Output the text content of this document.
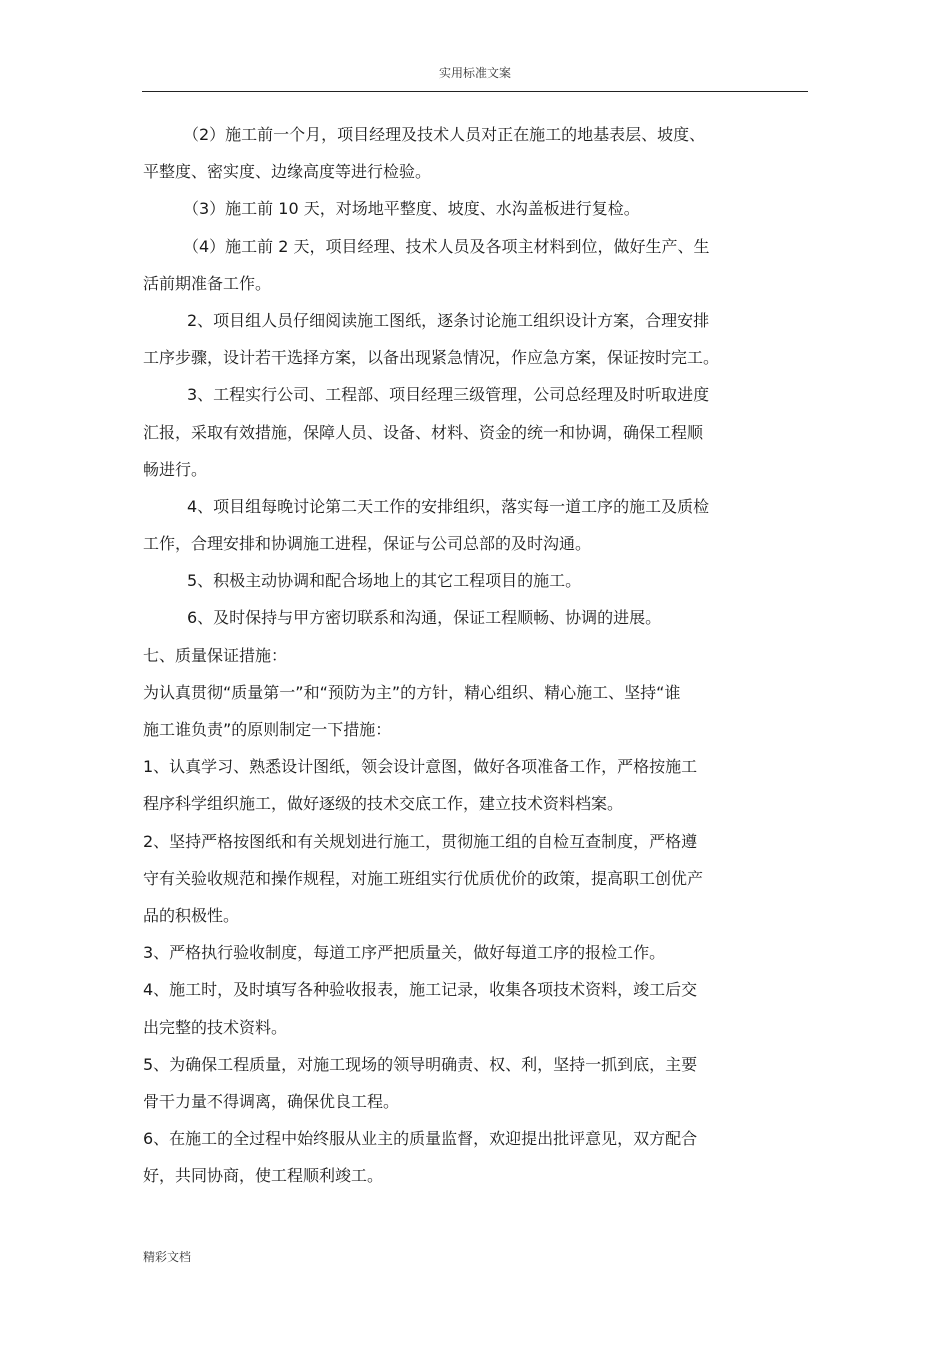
实用标准文案
（2）施工前一个月，项目经理及技术人员对正在施工的地基表层、坡度、
平整度、密实度、边缘高度等进行检验。
（3）施工前 10 天，对场地平整度、坡度、水沟盖板进行复检。
（4）施工前 2 天，项目经理、技术人员及各项主材料到位，做好生产、生
活前期准备工作。
2、项目组人员仔细阅读施工图纸，逐条讨论施工组织设计方案，合理安排
工序步骤，设计若干选择方案，以备出现紧急情况，作应急方案，保证按时完工。
3、工程实行公司、工程部、项目经理三级管理，公司总经理及时听取进度
汇报，采取有效措施，保障人员、设备、材料、资金的统一和协调，确保工程顺
畅进行。
4、项目组每晚讨论第二天工作的安排组织，落实每一道工序的施工及质检
工作，合理安排和协调施工进程，保证与公司总部的及时沟通。
5、积极主动协调和配合场地上的其它工程项目的施工。
6、及时保持与甲方密切联系和沟通，保证工程顺畅、协调的进展。
七、质量保证措施：
为认真贯彻“质量第一”和“预防为主”的方针，精心组织、精心施工、坚持“谁
施工谁负责”的原则制定一下措施：
1、认真学习、熟悉设计图纸，领会设计意图，做好各项准备工作，严格按施工
程序科学组织施工，做好逐级的技术交底工作，建立技术资料档案。
2、坚持严格按图纸和有关规划进行施工，贯彻施工组的自检互查制度，严格遵
守有关验收规范和操作规程，对施工班组实行优质优价的政策，提高职工创优产
品的积极性。
3、严格执行验收制度，每道工序严把质量关，做好每道工序的报检工作。
4、施工时，及时填写各种验收报表，施工记录，收集各项技术资料，竣工后交
出完整的技术资料。
5、为确保工程质量，对施工现场的领导明确责、权、利，坚持一抓到底，主要
骨干力量不得调离，确保优良工程。
6、在施工的全过程中始终服从业主的质量监督，欢迎提出批评意见，双方配合
好，共同协商，使工程顺利竣工。
精彩文档
